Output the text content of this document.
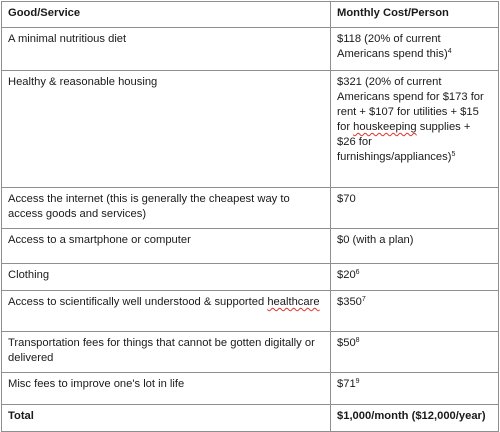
Good/Service	Monthly Cost/Person
A minimal nutritious diet	$118 (20% of current Americans spend this)$^4$
Healthy & reasonable housing	$321 (20% of current Americans spend for $173 for rent + $107 for utilities + $15 for houskeeping supplies + $26 for furnishings/appliances)$^5$
Access the internet (this is generally the cheapest way to access goods and services)	$70
Access to a smartphone or computer	$0 (with a plan)
Clothing	$\$20^6$
Access to scientifically well understood & supported healthcare	$\$350^7$
Transportation fees for things that cannot be gotten digitally or delivered	$\$50^8$
Misc fees to improve one's lot in life	$\$71^9$
Total	$1,000/month ($12,000/year)
